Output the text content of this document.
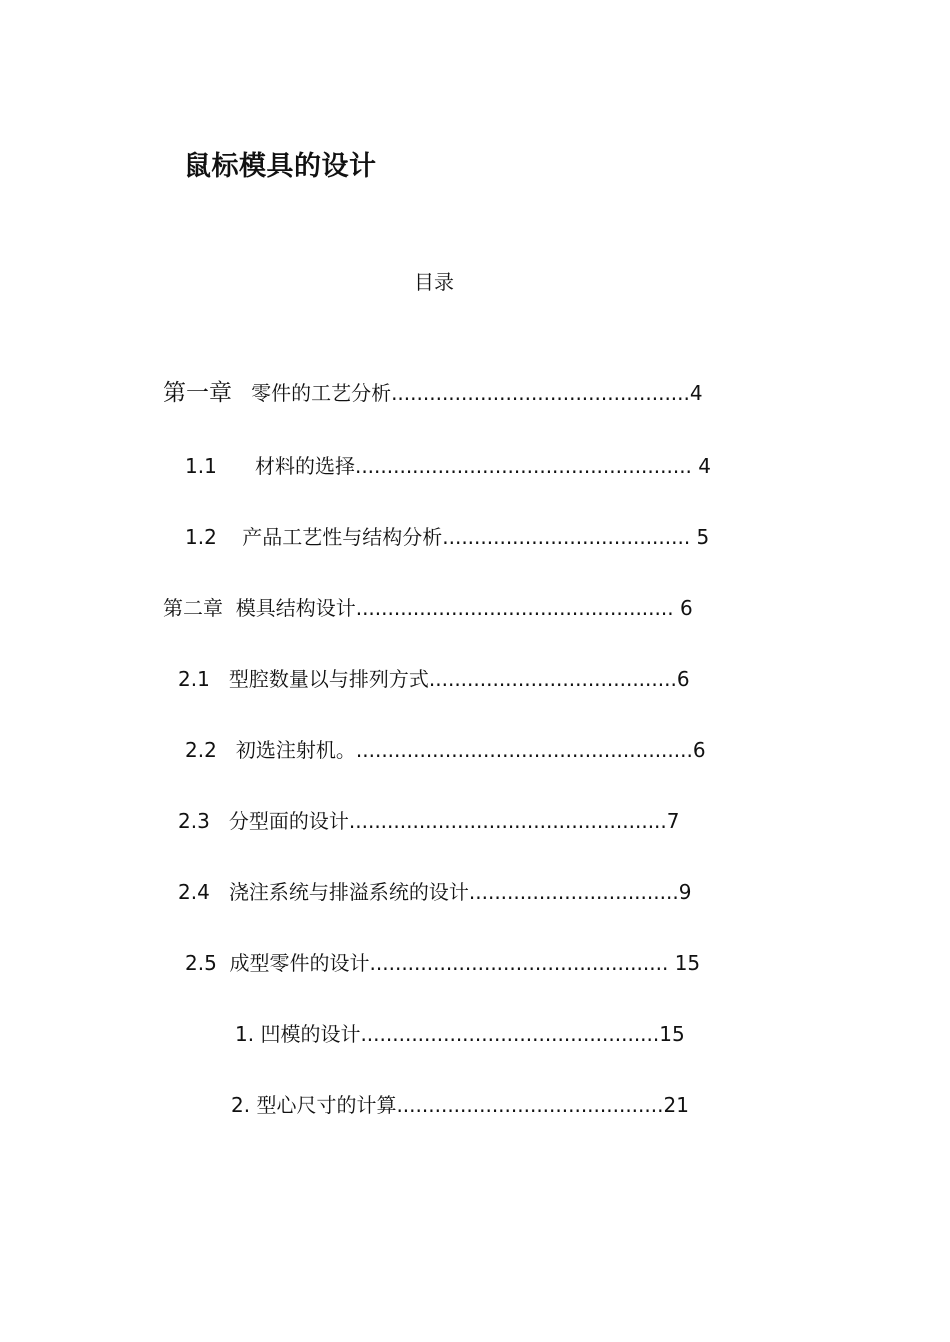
鼠标模具的设计
目录
第一章 零件的工艺分析...............................................4
1.1 材料的选择..................................................... 4
1.2 产品工艺性与结构分析....................................... 5
第二章 模具结构设计.................................................. 6
2.1 型腔数量以与排列方式.......................................6
2.2 初选注射机。.....................................................6
2.3 分型面的设计..................................................7
2.4 浇注系统与排溢系统的设计.................................9
2.5 成型零件的设计............................................... 15
1. 凹模的设计...............................................15
2. 型心尺寸的计算..........................................21
